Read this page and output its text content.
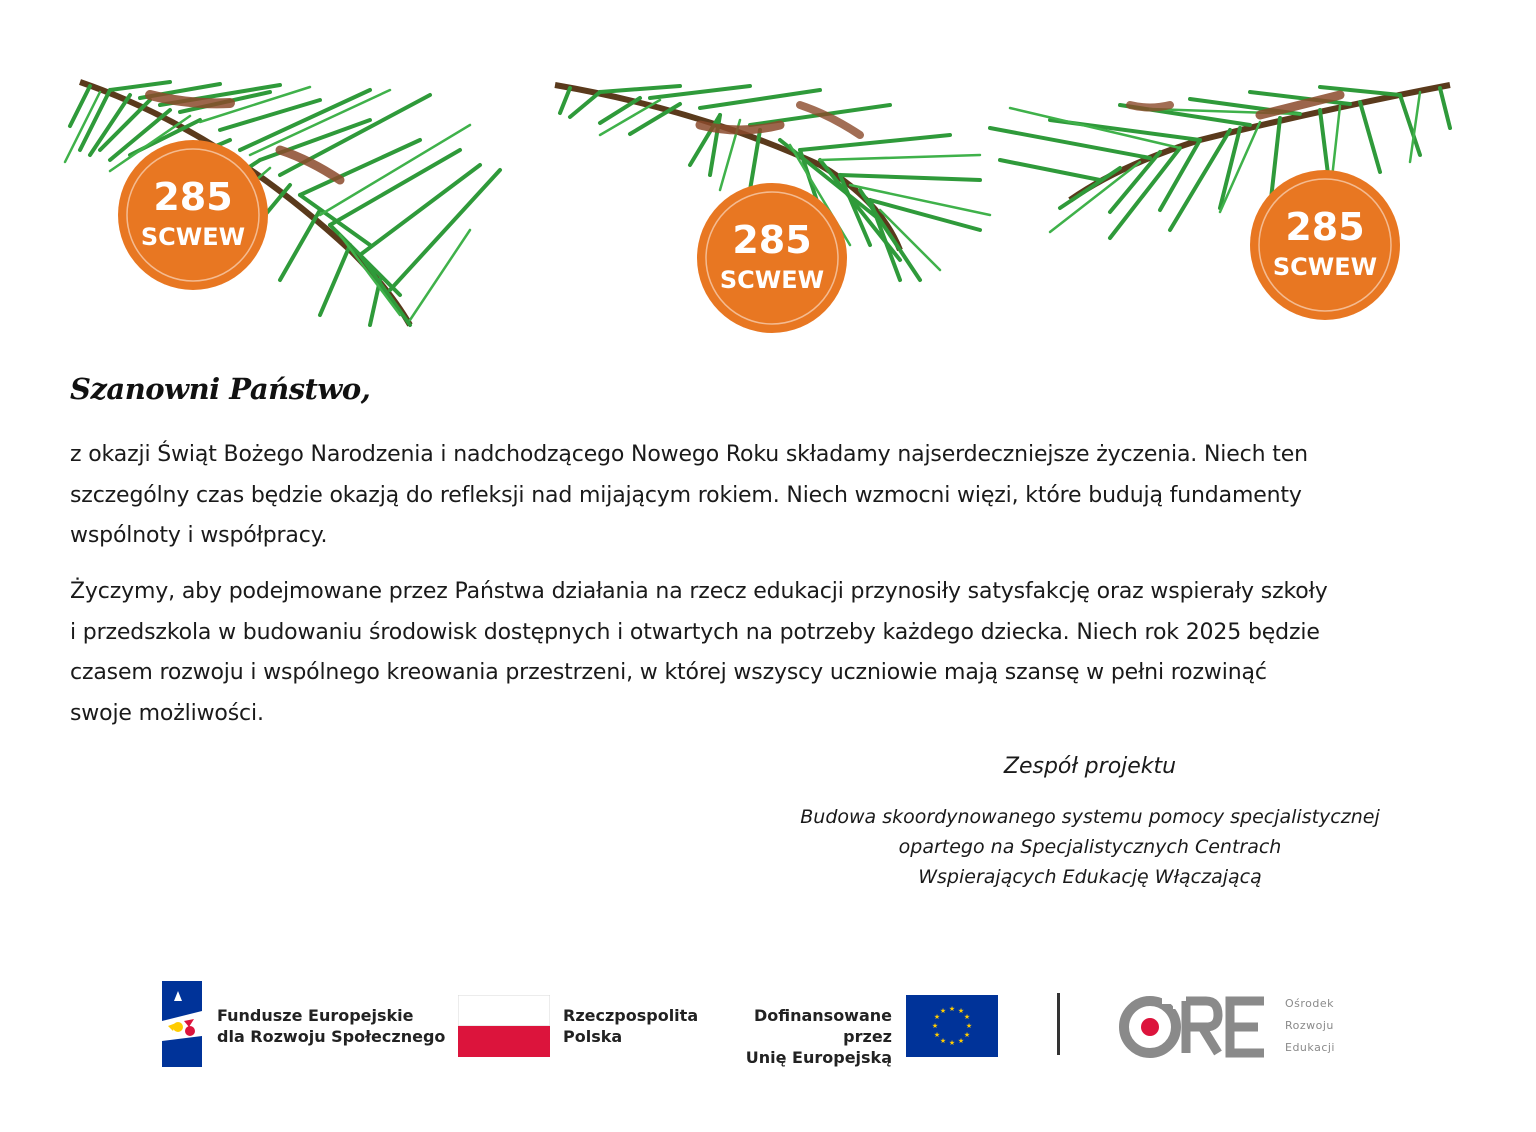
285
SCWEW	285
SCWEW
285
SCWEW
Szanowni Państwo,
z okazji Świąt Bożego Narodzenia i nadchodzącego Nowego Roku składamy najserdeczniejsze życzenia. Niech ten
szczególny czas będzie okazją do refleksji nad mijającym rokiem. Niech wzmocni więzi, które budują fundamenty
wspólnoty i współpracy.
Życzymy, aby podejmowane przez Państwa działania na rzecz edukacji przynosiły satysfakcję oraz wspierały szkoły
i przedszkola w budowaniu środowisk dostępnych i otwartych na potrzeby każdego dziecka. Niech rok 2025 będzie
czasem rozwoju i wspólnego kreowania przestrzeni, w której wszyscy uczniowie mają szansę w pełni rozwinąć
swoje możliwości.
Zespół projektu
Budowa skoordynowanego systemu pomocy specjalistycznej
opartego na Specjalistycznych Centrach
Wspierających Edukację Włączającą
Fundusze Europejskie
dla Rozwoju Społecznego
Rzeczpospolita
Polska
Dofinansowane przez
Unię Europejską
★ ★
★
★
★
★
★
★
★
★
★
★
Ośrodek
Rozwoju
Edukacji
